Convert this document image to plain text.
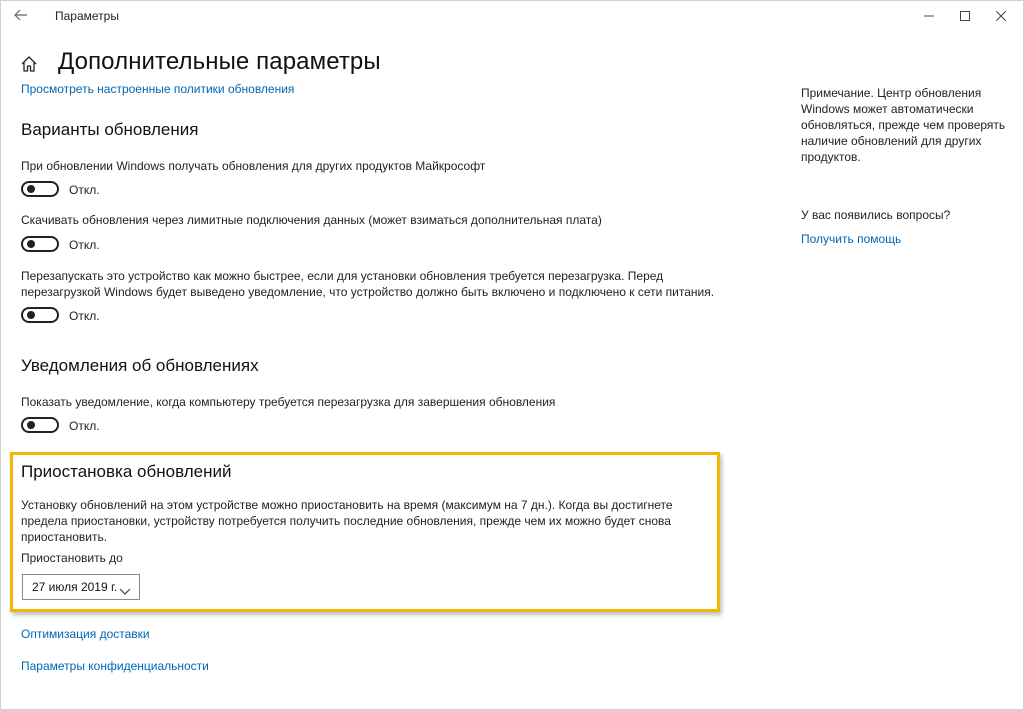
Параметры
Дополнительные параметры
Просмотреть настроенные политики обновления
Варианты обновления
При обновлении Windows получать обновления для других продуктов Майкрософт
Откл.
Скачивать обновления через лимитные подключения данных (может взиматься дополнительная плата)
Откл.
Перезапускать это устройство как можно быстрее, если для установки обновления требуется перезагрузка. Перед перезагрузкой Windows будет выведено уведомление, что устройство должно быть включено и подключено к сети питания.
Откл.
Уведомления об обновлениях
Показать уведомление, когда компьютеру требуется перезагрузка для завершения обновления
Откл.
Приостановка обновлений
Установку обновлений на этом устройстве можно приостановить на время (максимум на 7 дн.). Когда вы достигнете предела приостановки, устройству потребуется получить последние обновления, прежде чем их можно будет снова приостановить.
Приостановить до
27 июля 2019 г.
Оптимизация доставки
Параметры конфиденциальности
Примечание. Центр обновления Windows может автоматически обновляться, прежде чем проверять наличие обновлений для других продуктов.
У вас появились вопросы?
Получить помощь
